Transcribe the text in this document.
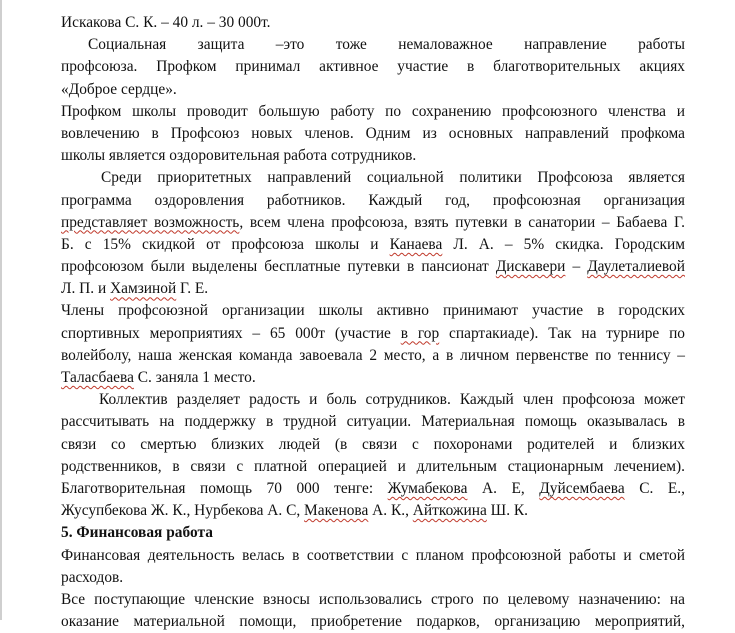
Искакова С. К. – 40 л. – 30 000т.
Социальная защита –это тоже немаловажное направление работы
профсоюза. Профком принимал активное участие в благотворительных акциях
«Доброе сердце».
Профком школы проводит большую работу по сохранению профсоюзного членства и
вовлечению в Профсоюз новых членов. Одним из основных направлений профкома
школы является оздоровительная работа сотрудников.
Среди приоритетных направлений социальной политики Профсоюза является
программа оздоровления работников. Каждый год, профсоюзная организация
представляет возможность, всем члена профсоюза, взять путевки в санатории – Бабаева Г.
Б. с 15% скидкой от профсоюза школы и Канаева Л. А. – 5% скидка. Городским
профсоюзом были выделены бесплатные путевки в пансионат Дискавери – Даулеталиевой
Л. П. и Хамзиной Г. Е.
Члены профсоюзной организации школы активно принимают участие в городских
спортивных мероприятиях – 65 000т (участие в гор спартакиаде). Так на турнире по
волейболу, наша женская команда завоевала 2 место, а в личном первенстве по теннису –
Таласбаева С. заняла 1 место.
Коллектив разделяет радость и боль сотрудников. Каждый член профсоюза может
рассчитывать на поддержку в трудной ситуации. Материальная помощь оказывалась в
связи со смертью близких людей (в связи с похоронами родителей и близких
родственников, в связи с платной операцией и длительным стационарным лечением).
Благотворительная помощь 70 000 тенге: Жумабекова А. Е, Дуйсембаева С. Е.,
Жусупбекова Ж. К., Нурбекова А. С, Макенова А. К., Айткожина Ш. К.
5. Финансовая работа
Финансовая деятельность велась в соответствии с планом профсоюзной работы и сметой
расходов.
Все поступающие членские взносы использовались строго по целевому назначению: на
оказание материальной помощи, приобретение подарков, организацию мероприятий,
